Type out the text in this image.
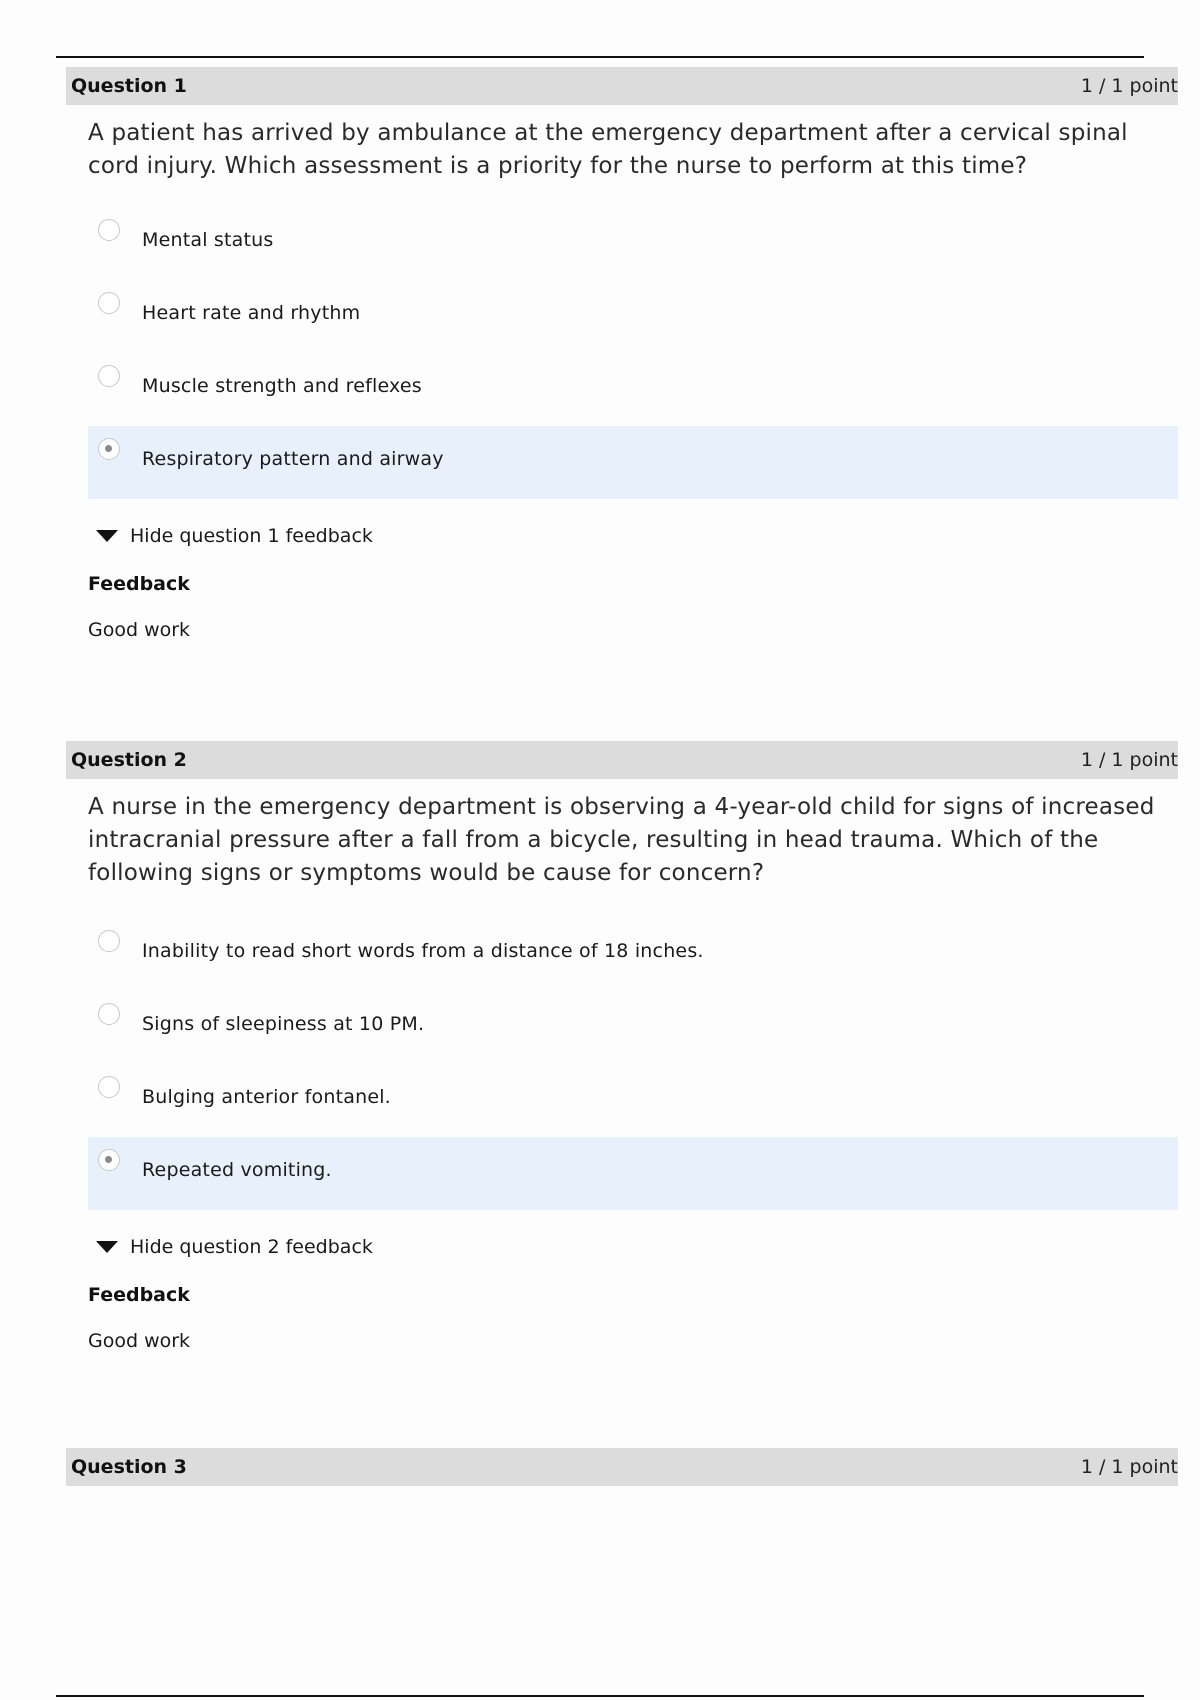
Question 1	1 / 1 point
A patient has arrived by ambulance at the emergency department after a cervical spinal cord injury. Which assessment is a priority for the nurse to perform at this time?
Mental status
Heart rate and rhythm
Muscle strength and reflexes
Respiratory pattern and airway
Hide question 1 feedback
Feedback
Good work
Question 2	1 / 1 point
A nurse in the emergency department is observing a 4-year-old child for signs of increased intracranial pressure after a fall from a bicycle, resulting in head trauma. Which of the following signs or symptoms would be cause for concern?
Inability to read short words from a distance of 18 inches.
Signs of sleepiness at 10 PM.
Bulging anterior fontanel.
Repeated vomiting.
Hide question 2 feedback
Feedback
Good work
Question 3	1 / 1 point
